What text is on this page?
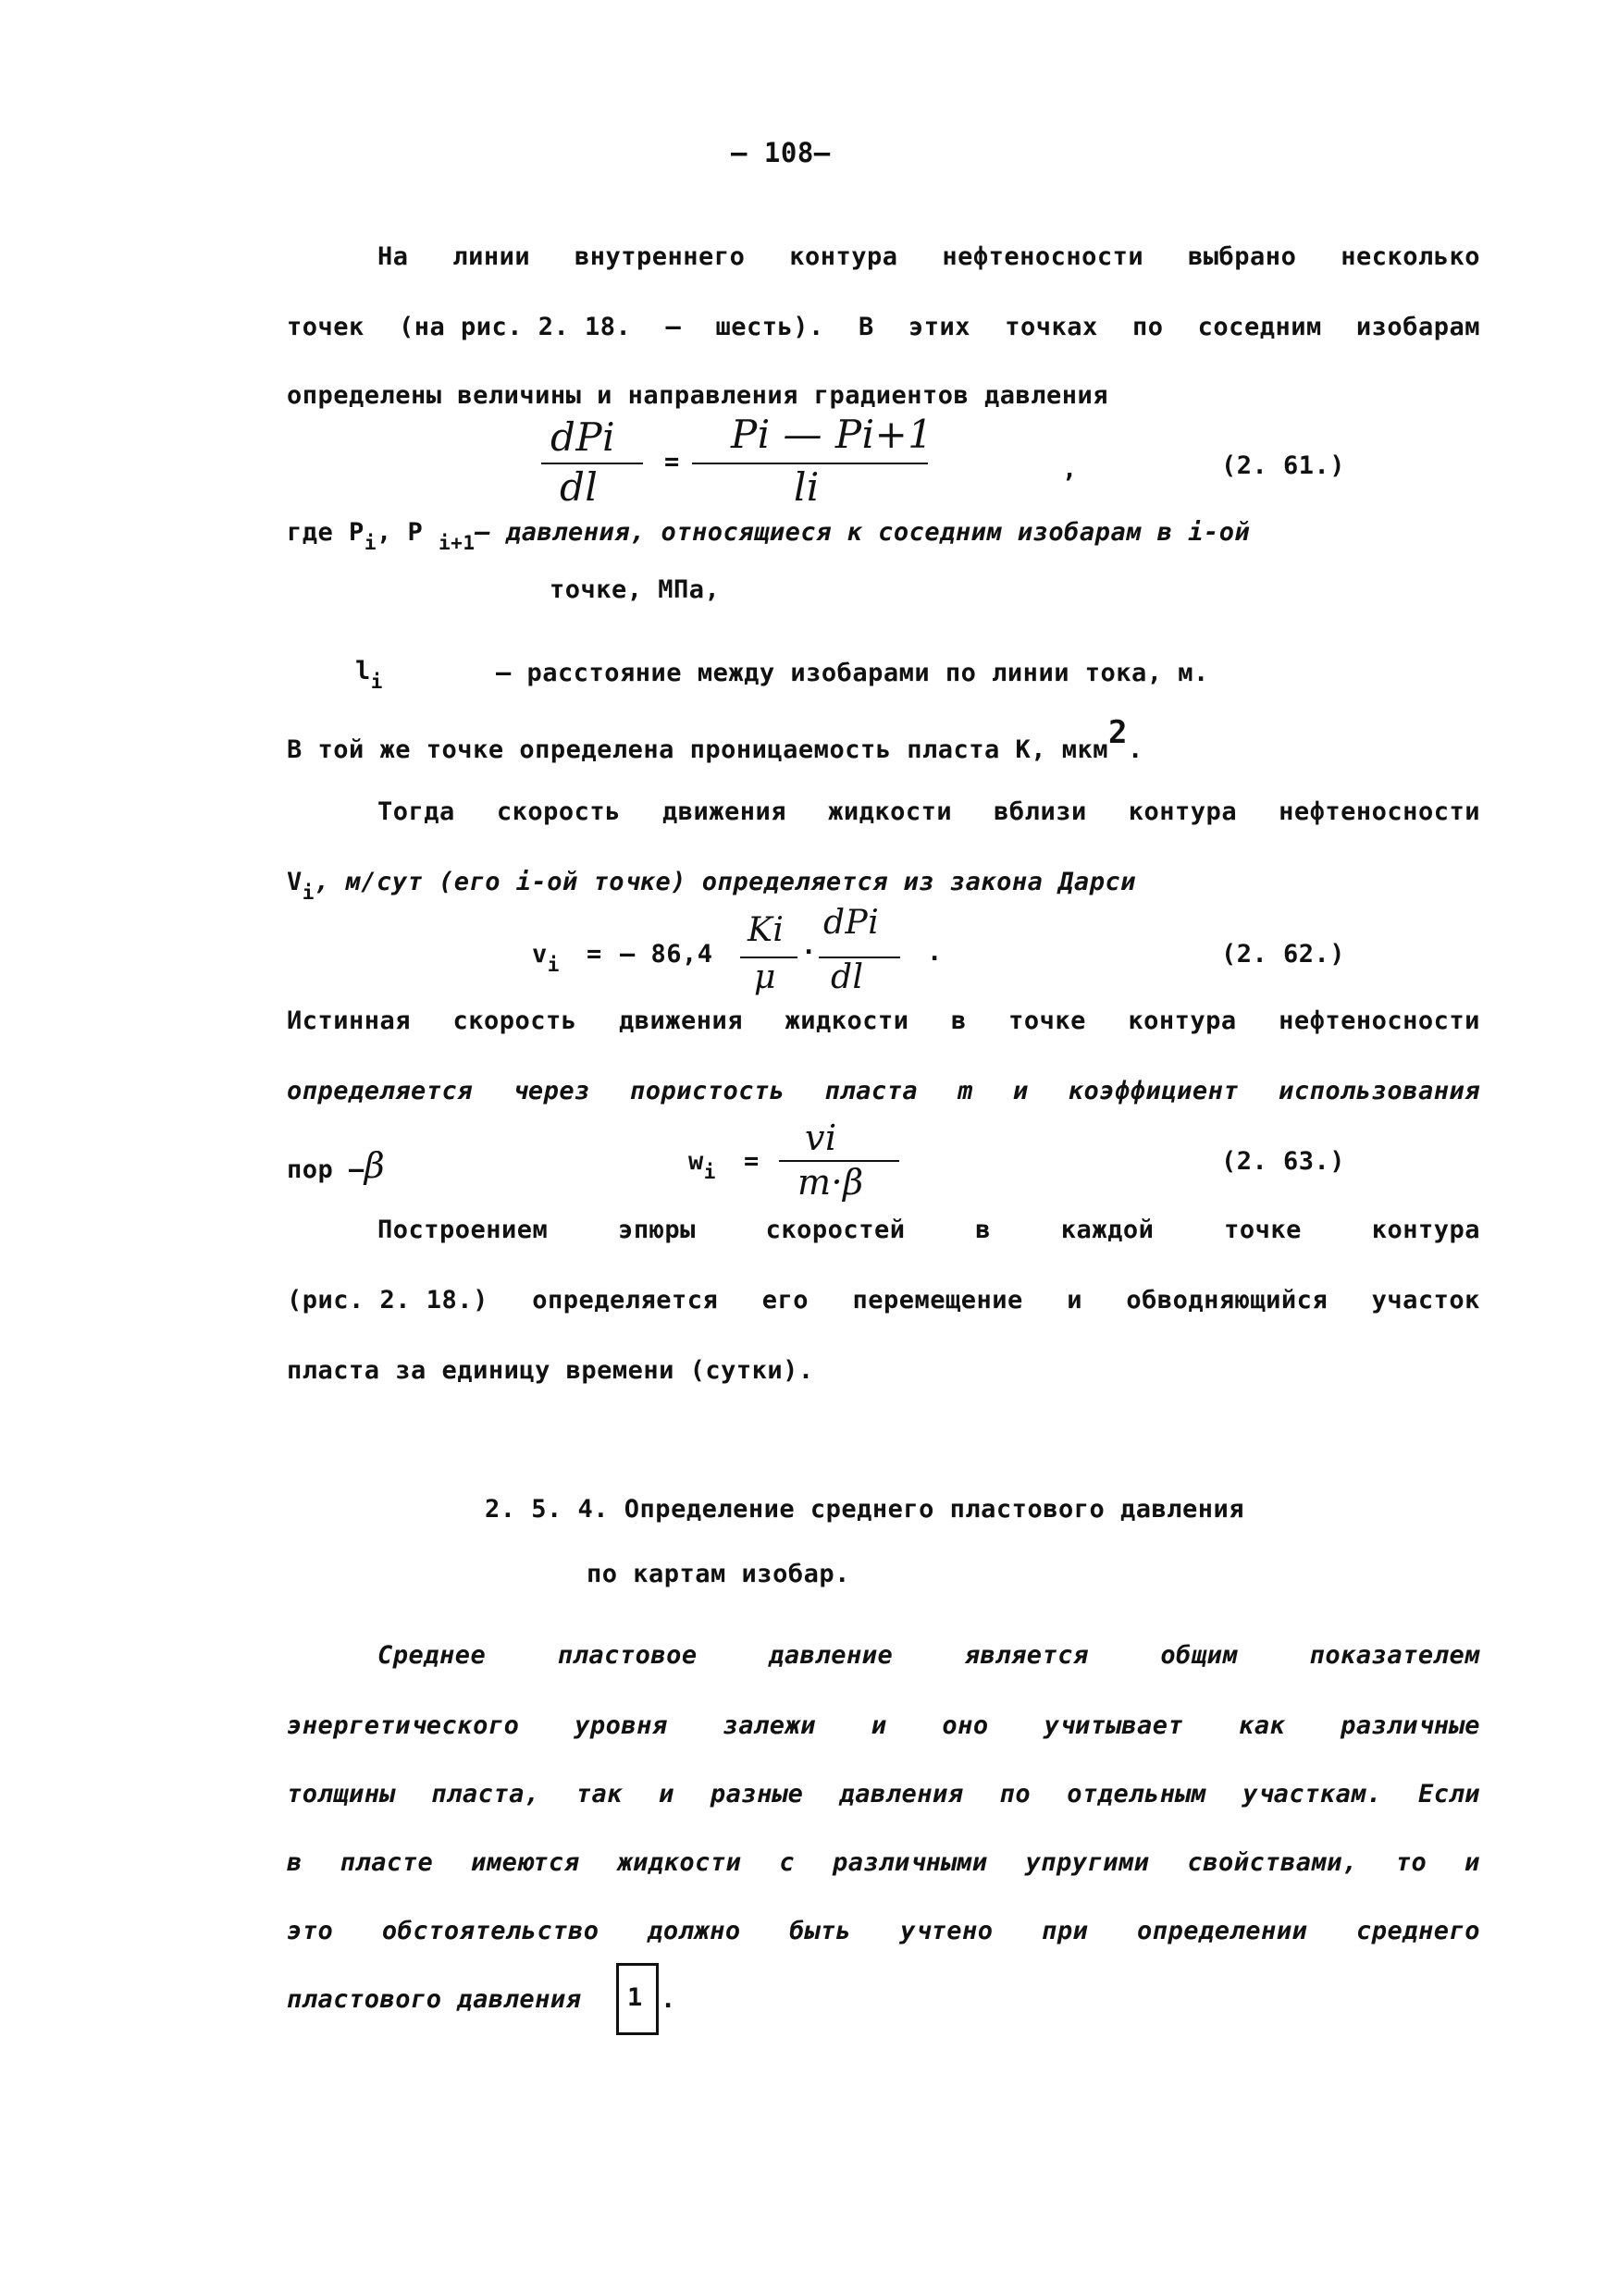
– 108–
На линии внутреннего контура нефтеносности выбрано несколько
точек (на рис. 2. 18. – шесть). В этих точках по соседним изобарам
определены величины и направления градиентов давления
dPi
dl
=
Pi — Pi+1
li	,	(2. 61.)
где $P_i$, P $_{i+1}$– давления, относящиеся к соседним изобарам в i-ой
точке, МПа,
$l_i$	– расстояние между изобарами по линии тока, м.
В той же точке определена проницаемость пласта К, мкм2.
Тогда скорость движения жидкости вблизи контура нефтеносности
$V_i$, м/сут (его i-ой точке) определяется из закона Дарси
$v_i$ = – 86,4
Ki
μ
·
dPi
dl
.	(2. 62.)
Истинная скорость движения жидкости в точке контура нефтеносности
определяется через пористость пласта m и коэффициент использования
пор –β	$w_i$ =
vi
m·β
(2. 63.)
Построением	эпюры	скоростей	в	каждой	точке	контура
(рис. 2. 18.) определяется его перемещение и обводняющийся участок
пласта за единицу времени (сутки).
2. 5. 4. Определение среднего пластового давления
по картам изобар.
Среднее	пластовое	давление	является	общим	показателем
энергетического уровня залежи и оно учитывает как различные
толщины пласта, так и разные давления по отдельным участкам. Если
в пласте имеются жидкости с различными упругими свойствами, то и
это обстоятельство должно быть учтено при определении среднего
пластового давления 1 .
